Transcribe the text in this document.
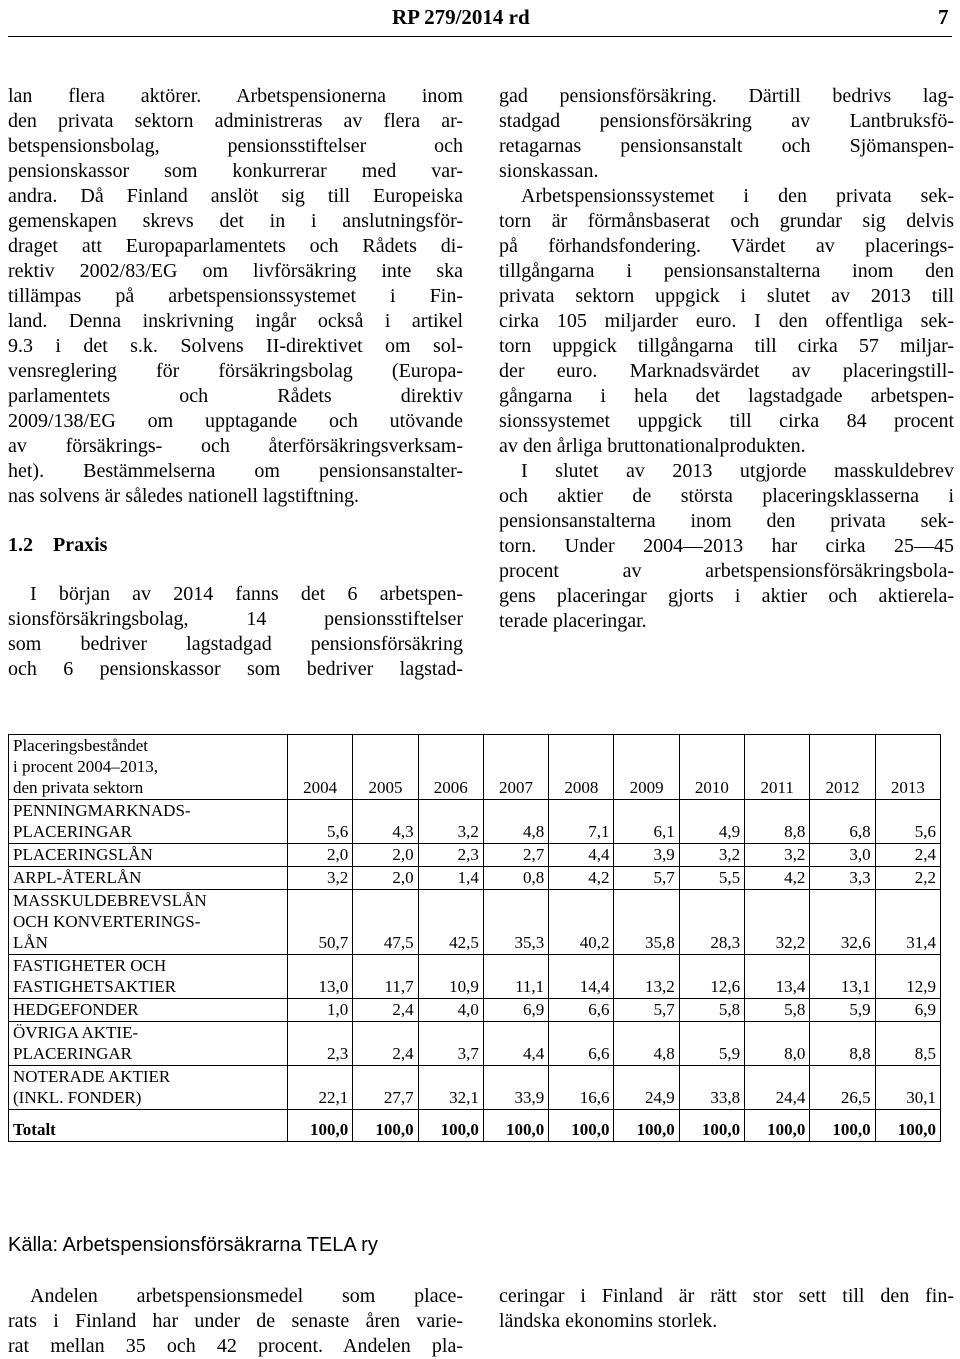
RP 279/2014 rd	7
lan flera aktörer. Arbetspensionerna inom
den privata sektorn administreras av flera ar-
betspensionsbolag, pensionsstiftelser och
pensionskassor som konkurrerar med var-
andra. Då Finland anslöt sig till Europeiska
gemenskapen skrevs det in i anslutningsför-
draget att Europaparlamentets och Rådets di-
rektiv 2002/83/EG om livförsäkring inte ska
tillämpas på arbetspensionssystemet i Fin-
land. Denna inskrivning ingår också i artikel
9.3 i det s.k. Solvens II-direktivet om sol-
vensreglering för försäkringsbolag (Europa-
parlamentets och Rådets direktiv
2009/138/EG om upptagande och utövande
av försäkrings- och återförsäkringsverksam-
het). Bestämmelserna om pensionsanstalter-
nas solvens är således nationell lagstiftning.
1.2    Praxis
I början av 2014 fanns det 6 arbetspen-
sionsförsäkringsbolag, 14 pensionsstiftelser
som bedriver lagstadgad pensionsförsäkring
och 6 pensionskassor som bedriver lagstad-
gad pensionsförsäkring. Därtill bedrivs lag-
stadgad pensionsförsäkring av Lantbruksfö-
retagarnas pensionsanstalt och Sjömanspen-
sionskassan.
Arbetspensionssystemet i den privata sek-
torn är förmånsbaserat och grundar sig delvis
på förhandsfondering. Värdet av placerings-
tillgångarna i pensionsanstalterna inom den
privata sektorn uppgick i slutet av 2013 till
cirka 105 miljarder euro. I den offentliga sek-
torn uppgick tillgångarna till cirka 57 miljar-
der euro. Marknadsvärdet av placeringstill-
gångarna i hela det lagstadgade arbetspen-
sionssystemet uppgick till cirka 84 procent
av den årliga bruttonationalprodukten.
I slutet av 2013 utgjorde masskuldebrev
och aktier de största placeringsklasserna i
pensionsanstalterna inom den privata sek-
torn. Under 2004—2013 har cirka 25—45
procent av arbetspensionsförsäkringsbola-
gens placeringar gjorts i aktier och aktierela-
terade placeringar.
Placeringsbeståndet
i procent 2004–2013,
den privata sektorn	2004	2005	2006	2007	2008	2009	2010	2011	2012	2013

PENNINGMARKNADS-
PLACERINGAR	5,6	4,3	3,2	4,8	7,1	6,1	4,9	8,8	6,8	5,6

PLACERINGSLÅN	2,0	2,0	2,3	2,7	4,4	3,9	3,2	3,2	3,0	2,4

ARPL-ÅTERLÅN	3,2	2,0	1,4	0,8	4,2	5,7	5,5	4,2	3,3	2,2

MASSKULDEBREVSLÅN
OCH KONVERTERINGS-
LÅN	50,7	47,5	42,5	35,3	40,2	35,8	28,3	32,2	32,6	31,4

FASTIGHETER OCH
FASTIGHETSAKTIER	13,0	11,7	10,9	11,1	14,4	13,2	12,6	13,4	13,1	12,9

HEDGEFONDER	1,0	2,4	4,0	6,9	6,6	5,7	5,8	5,8	5,9	6,9

ÖVRIGA AKTIE-
PLACERINGAR	2,3	2,4	3,7	4,4	6,6	4,8	5,9	8,0	8,8	8,5

NOTERADE AKTIER
(INKL. FONDER)	22,1	27,7	32,1	33,9	16,6	24,9	33,8	24,4	26,5	30,1
Totalt	100,0	100,0	100,0	100,0	100,0	100,0	100,0	100,0	100,0	100,0
Källa: Arbetspensionsförsäkrarna TELA ry
Andelen arbetspensionsmedel som place-
rats i Finland har under de senaste åren varie-
rat mellan 35 och 42 procent. Andelen pla-
ceringar i Finland är rätt stor sett till den fin-
ländska ekonomins storlek.
